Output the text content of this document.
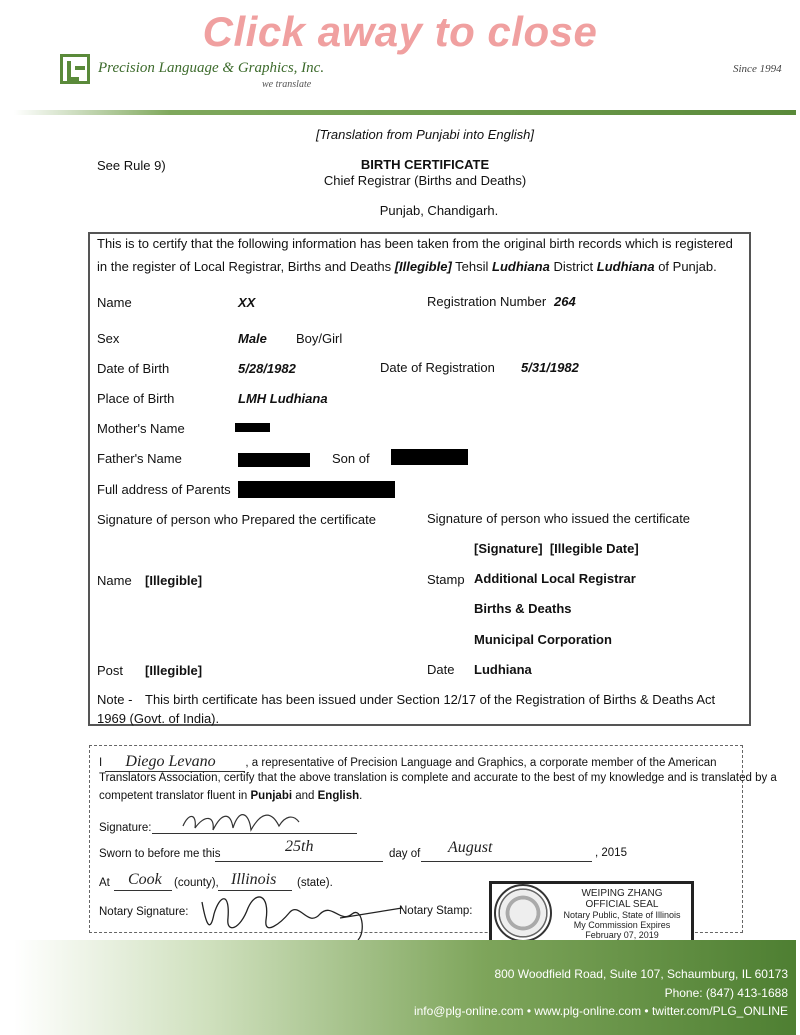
Click away to close
Precision Language & Graphics, Inc.
we translate
Since 1994
[Translation from Punjabi into English]
See Rule 9)	BIRTH CERTIFICATE
Chief Registrar (Births and Deaths)
Punjab, Chandigarh.
This is to certify that the following information has been taken from the original birth records which is registered
in the register of Local Registrar, Births and Deaths [Illegible] Tehsil Ludhiana District Ludhiana of Punjab.
Name	XX	Registration Number 264
Sex	Male Boy/Girl
Date of Birth	5/28/1982	Date of Registration 5/31/1982
Place of Birth	LMH Ludhiana
Mother's Name
Father's Name	Son of
Full address of Parents
Signature of person who Prepared the certificate	Signature of person who issued the certificate
[Signature]  [Illegible Date]
Name [Illegible]	Stamp Additional Local Registrar
Births & Deaths
Municipal Corporation
Post [Illegible]	Date Ludhiana
Note - This birth certificate has been issued under Section 12/17 of the Registration of Births & Deaths Act
1969 (Govt. of India).
I Diego Levano	, a representative of Precision Language and Graphics, a corporate member of the American
Translators Association, certify that the above translation is complete and accurate to the best of my knowledge and is translated by a
competent translator fluent in Punjabi and English.
Signature:
Sworn to before me this	25th	day of August	, 2015
At Cook (county), Illinois (state).
Notary Signature:	Notary Stamp:
WEIPING ZHANG
OFFICIAL SEAL
Notary Public, State of Illinois
My Commission Expires
February 07, 2019
800 Woodfield Road, Suite 107, Schaumburg, IL 60173
Phone: (847) 413-1688
info@plg-online.com • www.plg-online.com • twitter.com/PLG_ONLINE
